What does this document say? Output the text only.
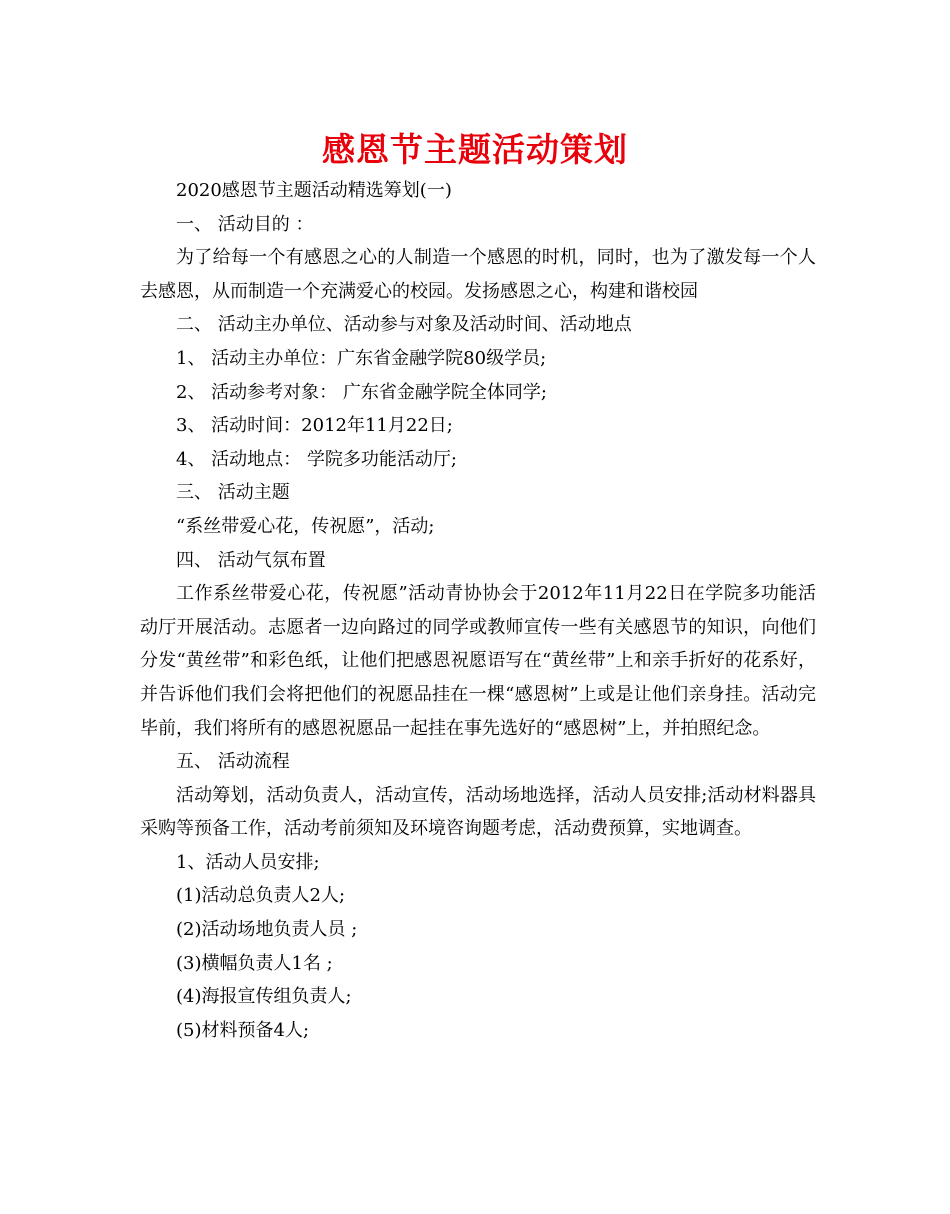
感恩节主题活动策划

2020感恩节主题活动精选筹划(一)

一、 活动目的 ：

为了给每一个有感恩之心的人制造一个感恩的时机，同时，也为了激发每一个人去感恩，从而制造一个充满爱心的校园。发扬感恩之心，构建和谐校园

二、 活动主办单位、活动参与对象及活动时间、活动地点

1、 活动主办单位：广东省金融学院80级学员;

2、 活动参考对象： 广东省金融学院全体同学;

3、 活动时间：2012年11月22日;

4、 活动地点： 学院多功能活动厅;

三、 活动主题

“系丝带爱心花，传祝愿”，活动;

四、 活动气氛布置

工作系丝带爱心花，传祝愿”活动青协协会于2012年11月22日在学院多功能活动厅开展活动。志愿者一边向路过的同学或教师宣传一些有关感恩节的知识，向他们分发“黄丝带”和彩色纸，让他们把感恩祝愿语写在“黄丝带”上和亲手折好的花系好，并告诉他们我们会将把他们的祝愿品挂在一棵“感恩树”上或是让他们亲身挂。活动完毕前，我们将所有的感恩祝愿品一起挂在事先选好的“感恩树”上，并拍照纪念。

五、 活动流程

活动筹划，活动负责人，活动宣传，活动场地选择，活动人员安排;活动材料器具采购等预备工作，活动考前须知及环境咨询题考虑，活动费预算，实地调查。

1、活动人员安排;

(1)活动总负责人2人;

(2)活动场地负责人员 ;

(3)横幅负责人1名 ;

(4)海报宣传组负责人;

(5)材料预备4人;
